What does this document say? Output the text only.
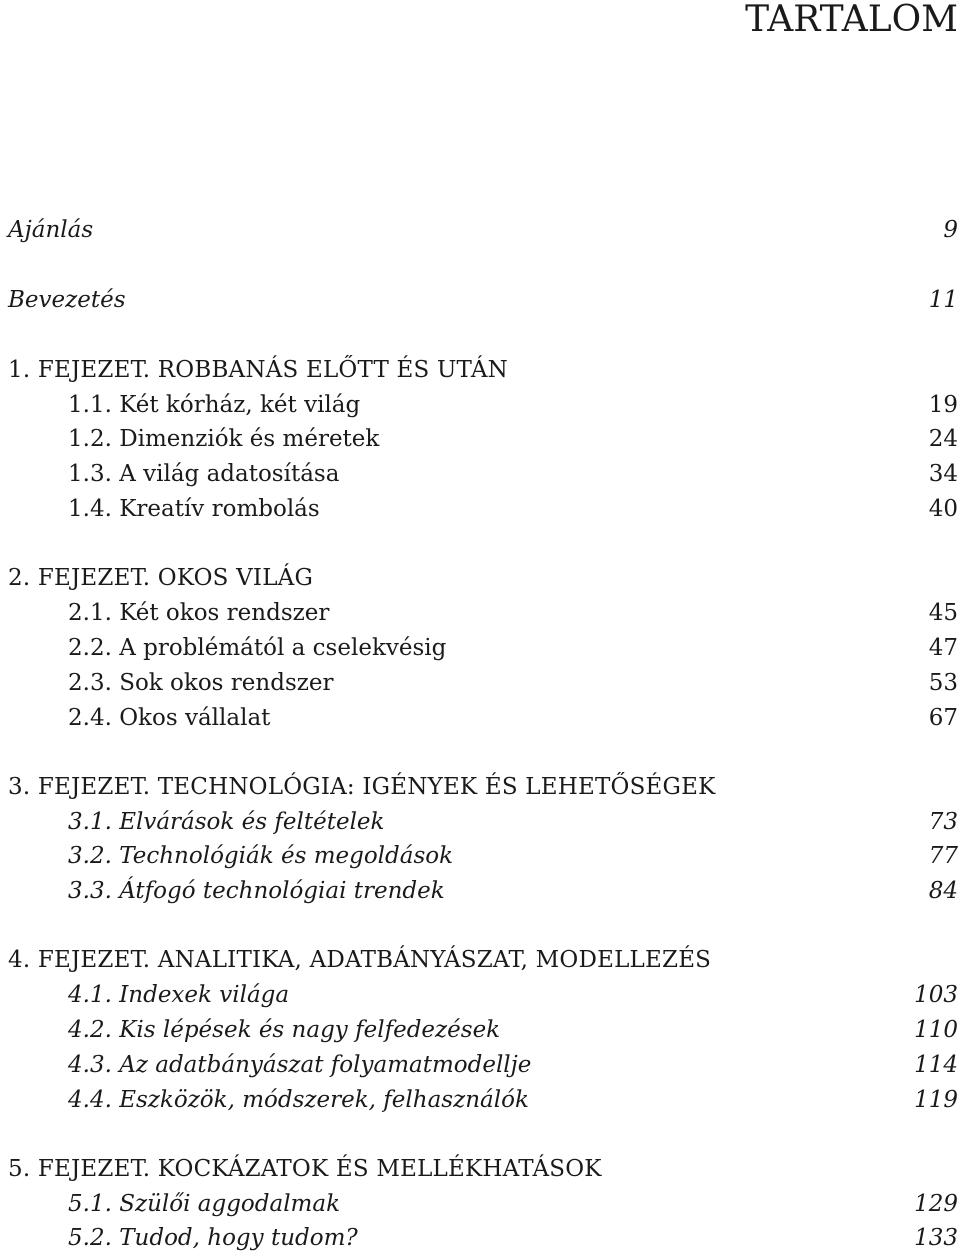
TARTALOM
Ajánlás	9
Bevezetés	11
1. FEJEZET. ROBBANÁS ELŐTT ÉS UTÁN
1.1. Két kórház, két világ	19
1.2. Dimenziók és méretek	24
1.3. A világ adatosítása	34
1.4. Kreatív rombolás	40
2. FEJEZET. OKOS VILÁG
2.1. Két okos rendszer	45
2.2. A problémától a cselekvésig	47
2.3. Sok okos rendszer	53
2.4. Okos vállalat	67
3. FEJEZET. TECHNOLÓGIA: IGÉNYEK ÉS LEHETŐSÉGEK
3.1. Elvárások és feltételek	73
3.2. Technológiák és megoldások	77
3.3. Átfogó technológiai trendek	84
4. FEJEZET. ANALITIKA, ADATBÁNYÁSZAT, MODELLEZÉS
4.1. Indexek világa	103
4.2. Kis lépések és nagy felfedezések	110
4.3. Az adatbányászat folyamatmodellje	114
4.4. Eszközök, módszerek, felhasználók	119
5. FEJEZET. KOCKÁZATOK ÉS MELLÉKHATÁSOK
5.1. Szülői aggodalmak	129
5.2. Tudod, hogy tudom?	133
